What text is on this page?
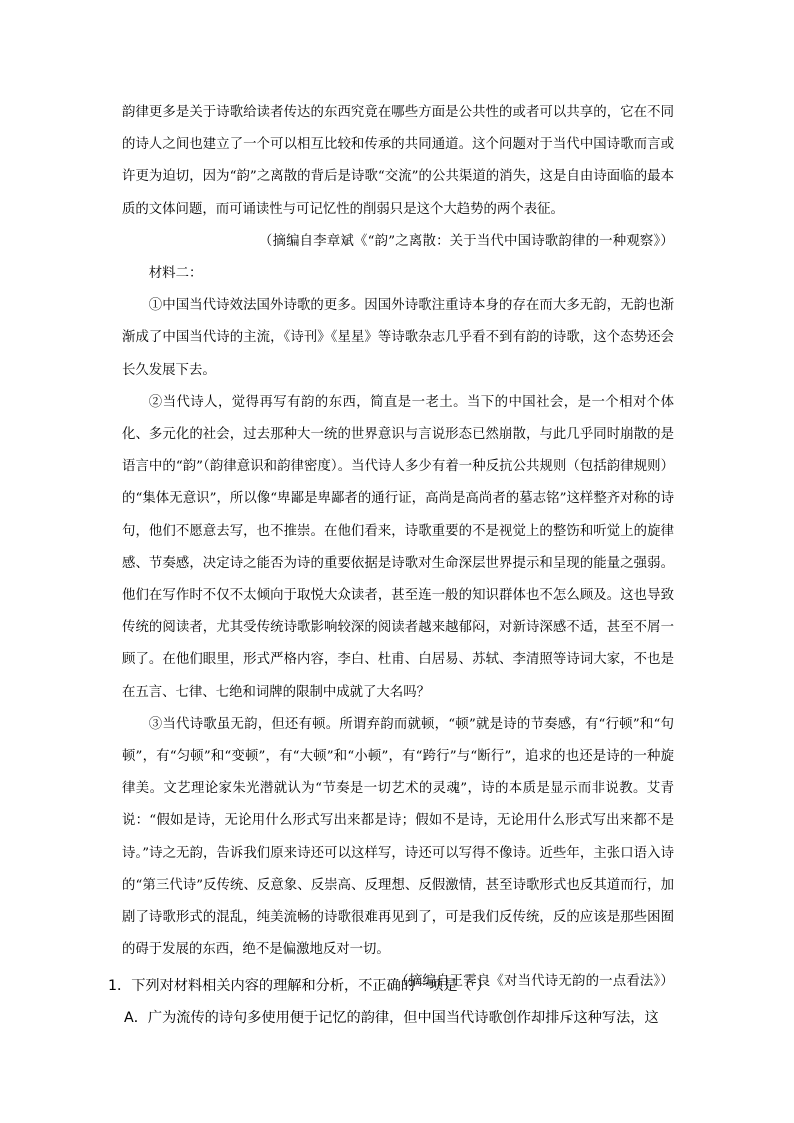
韵律更多是关于诗歌给读者传达的东西究竟在哪些方面是公共性的或者可以共享的，它在不同的诗人之间也建立了一个可以相互比较和传承的共同通道。这个问题对于当代中国诗歌而言或许更为迫切，因为“韵”之离散的背后是诗歌“交流”的公共渠道的消失，这是自由诗面临的最本质的文体问题，而可诵读性与可记忆性的削弱只是这个大趋势的两个表征。

（摘编自李章斌《“韵”之离散：关于当代中国诗歌韵律的一种观察》）

材料二：

①中国当代诗效法国外诗歌的更多。因国外诗歌注重诗本身的存在而大多无韵，无韵也渐渐成了中国当代诗的主流，《诗刊》《星星》等诗歌杂志几乎看不到有韵的诗歌，这个态势还会长久发展下去。

②当代诗人，觉得再写有韵的东西，简直是一老土。当下的中国社会，是一个相对个体化、多元化的社会，过去那种大一统的世界意识与言说形态已然崩散，与此几乎同时崩散的是语言中的“韵”（韵律意识和韵律密度）。当代诗人多少有着一种反抗公共规则（包括韵律规则）的“集体无意识”，所以像“卑鄙是卑鄙者的通行证，高尚是高尚者的墓志铭”这样整齐对称的诗句，他们不愿意去写，也不推崇。在他们看来，诗歌重要的不是视觉上的整饬和听觉上的旋律感、节奏感，决定诗之能否为诗的重要依据是诗歌对生命深层世界提示和呈现的能量之强弱。他们在写作时不仅不太倾向于取悦大众读者，甚至连一般的知识群体也不怎么顾及。这也导致传统的阅读者，尤其受传统诗歌影响较深的阅读者越来越郁闷，对新诗深感不适，甚至不屑一顾了。在他们眼里，形式严格内容，李白、杜甫、白居易、苏轼、李清照等诗词大家，不也是在五言、七律、七绝和词牌的限制中成就了大名吗？

③当代诗歌虽无韵，但还有顿。所谓弃韵而就顿，“顿”就是诗的节奏感，有“行顿”和“句顿”，有“匀顿”和“变顿”，有“大顿”和“小顿”，有“跨行”与“断行”，追求的也还是诗的一种旋律美。文艺理论家朱光潜就认为“节奏是一切艺术的灵魂”，诗的本质是显示而非说教。艾青说：“假如是诗，无论用什么形式写出来都是诗；假如不是诗，无论用什么形式写出来都不是诗。”诗之无韵，告诉我们原来诗还可以这样写，诗还可以写得不像诗。近些年，主张口语入诗的“第三代诗”反传统、反意象、反崇高、反理想、反假激情，甚至诗歌形式也反其道而行，加剧了诗歌形式的混乱，纯美流畅的诗歌很难再见到了，可是我们反传统，反的应该是那些困囿的碍于发展的东西，绝不是偏激地反对一切。

（摘编自王霁良《对当代诗无韵的一点看法》）

1．下列对材料相关内容的理解和分析，不正确的一项是（ ）

A．广为流传的诗句多使用便于记忆的韵律，但中国当代诗歌创作却排斥这种写法，这
